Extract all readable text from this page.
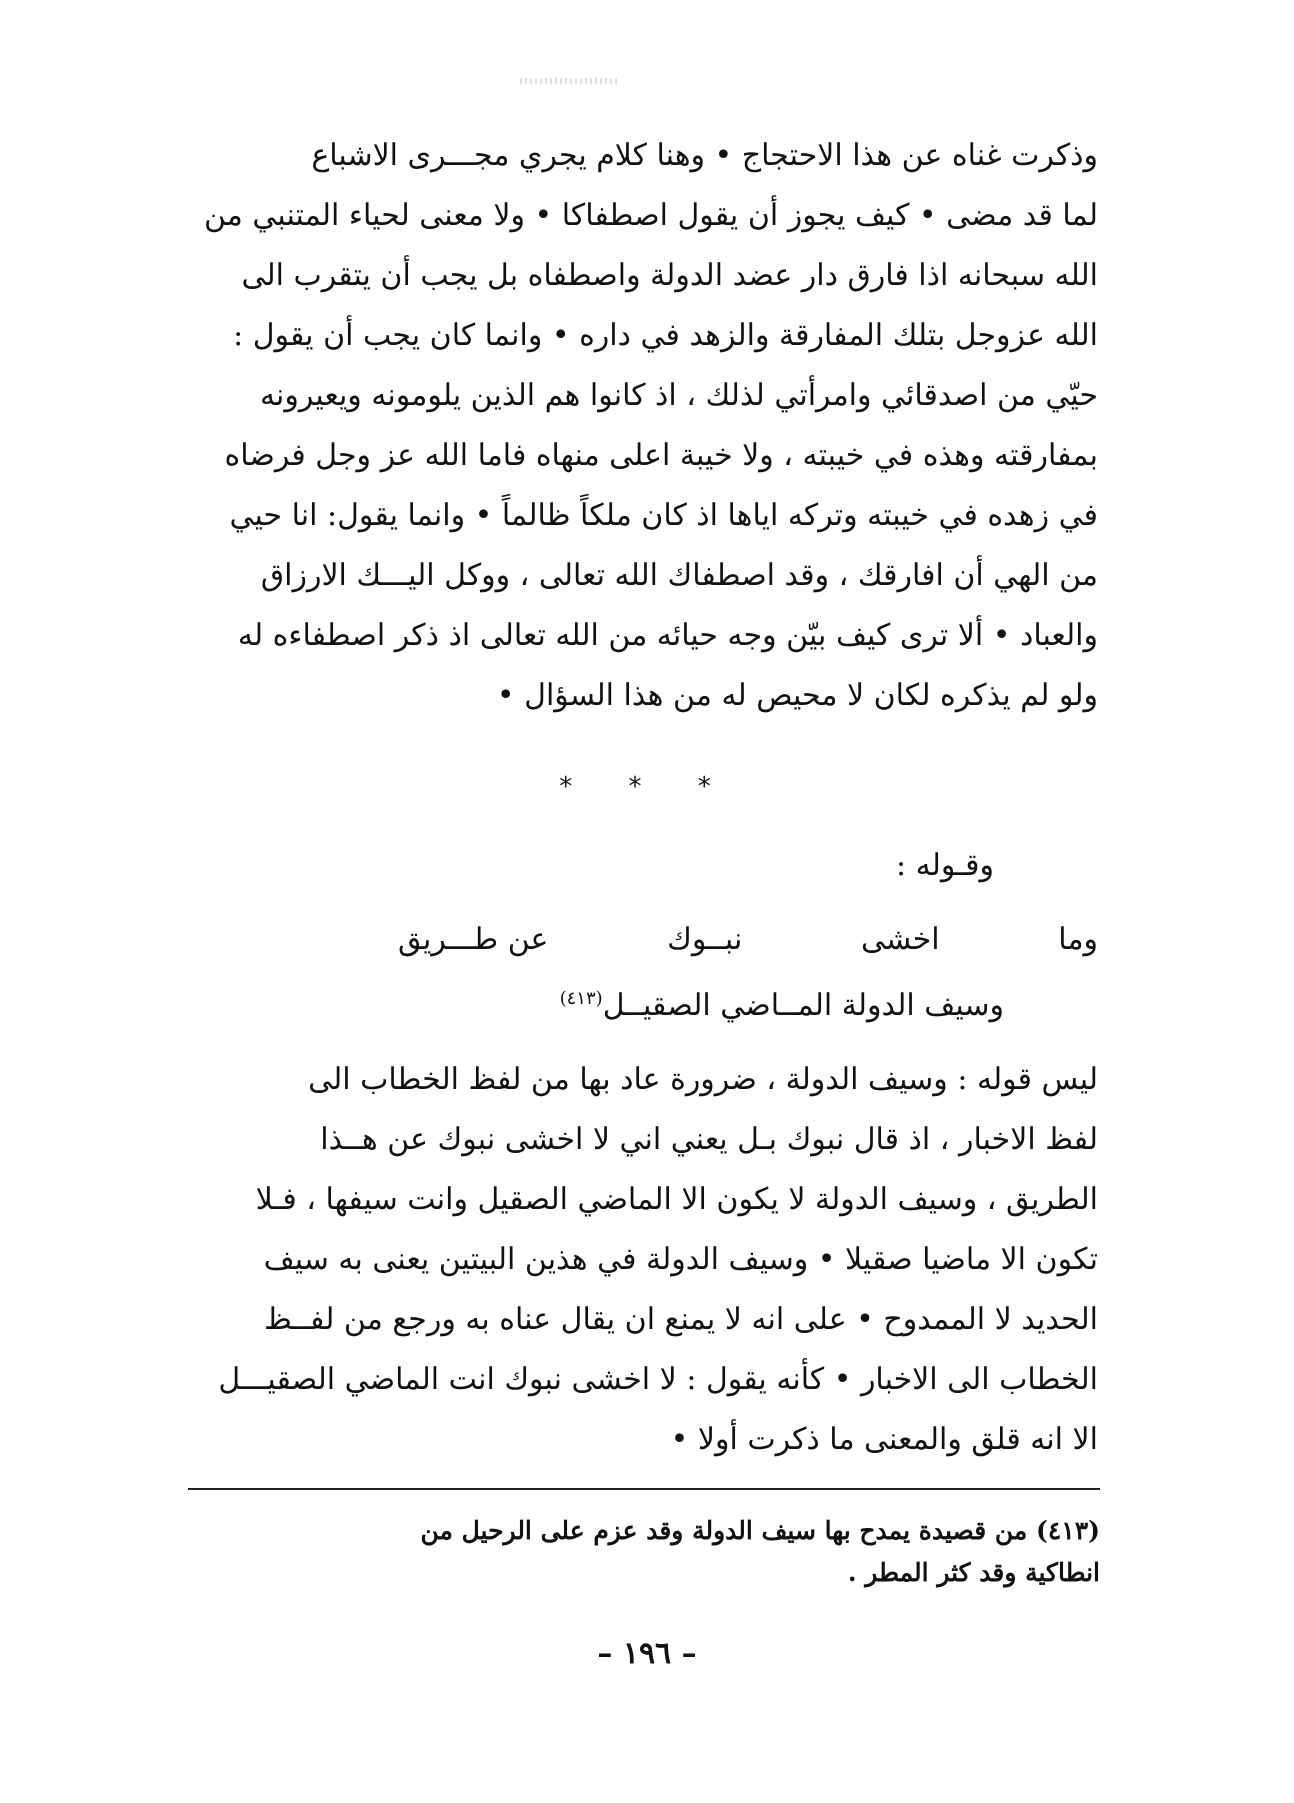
وذكرت غناه عن هذا الاحتجاج • وهنا كلام يجري مجـــرى الاشباع
لما قد مضى • كيف يجوز أن يقول اصطفاكا • ولا معنى لحياء المتنبي من
الله سبحانه اذا فارق دار عضد الدولة واصطفاه بل يجب أن يتقرب الى
الله عزوجل بتلك المفارقة والزهد في داره • وانما كان يجب أن يقول :
حيّي من اصدقائي وامرأتي لذلك ، اذ كانوا هم الذين يلومونه ويعيرونه
بمفارقته وهذه في خيبته ، ولا خيبة اعلى منهاه فاما الله عز وجل فرضاه
في زهده في خيبته وتركه اياها اذ كان ملكاً ظالماً • وانما يقول: انا حيي
من الهي أن افارقك ، وقد اصطفاك الله تعالى ، ووكل اليـــك الارزاق
والعباد • ألا ترى كيف بيّن وجه حيائه من الله تعالى اذ ذكر اصطفاءه له
ولو لم يذكره لكان لا محيص له من هذا السؤال •
* * *
وقـوله :
وما
اخشى
نبــوك
عن طـــريق
وسيف الدولة المــاضي الصقيــل$^{(٤١٣)}$
ليس قوله : وسيف الدولة ، ضرورة عاد بها من لفظ الخطاب الى
لفظ الاخبار ، اذ قال نبوك بـل يعني اني لا اخشى نبوك عن هــذا
الطريق ، وسيف الدولة لا يكون الا الماضي الصقيل وانت سيفها ، فـلا
تكون الا ماضيا صقيلا • وسيف الدولة في هذين البيتين يعنى به سيف
الحديد لا الممدوح • على انه لا يمنع ان يقال عناه به ورجع من لفــظ
الخطاب الى الاخبار • كأنه يقول : لا اخشى نبوك انت الماضي الصقيـــل
الا انه قلق والمعنى ما ذكرت أولا •
(٤١٣) من قصيدة يمدح بها سيف الدولة وقد عزم على الرحيل من
انطاكية وقد كثر المطر .
– ١٩٦ –
